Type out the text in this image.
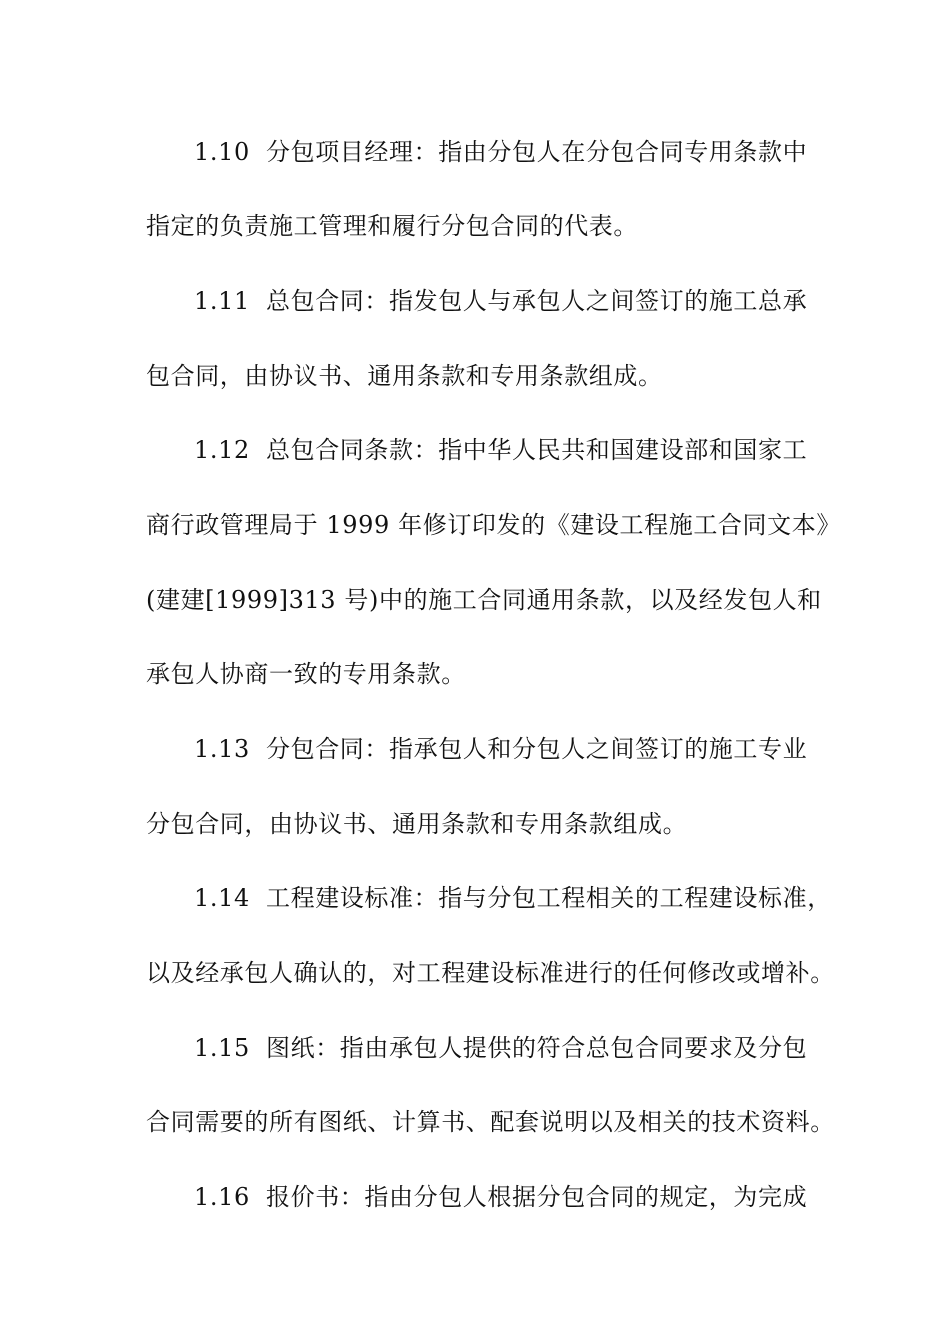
1.10 分包项目经理：指由分包人在分包合同专用条款中
指定的负责施工管理和履行分包合同的代表。
1.11 总包合同：指发包人与承包人之间签订的施工总承
包合同，由协议书、通用条款和专用条款组成。
1.12 总包合同条款：指中华人民共和国建设部和国家工
商行政管理局于 1999 年修订印发的《建设工程施工合同文本》
(建建[1999]313 号)中的施工合同通用条款，以及经发包人和
承包人协商一致的专用条款。
1.13 分包合同：指承包人和分包人之间签订的施工专业
分包合同，由协议书、通用条款和专用条款组成。
1.14 工程建设标准：指与分包工程相关的工程建设标准，
以及经承包人确认的，对工程建设标准进行的任何修改或增补。
1.15 图纸：指由承包人提供的符合总包合同要求及分包
合同需要的所有图纸、计算书、配套说明以及相关的技术资料。
1.16 报价书：指由分包人根据分包合同的规定，为完成
